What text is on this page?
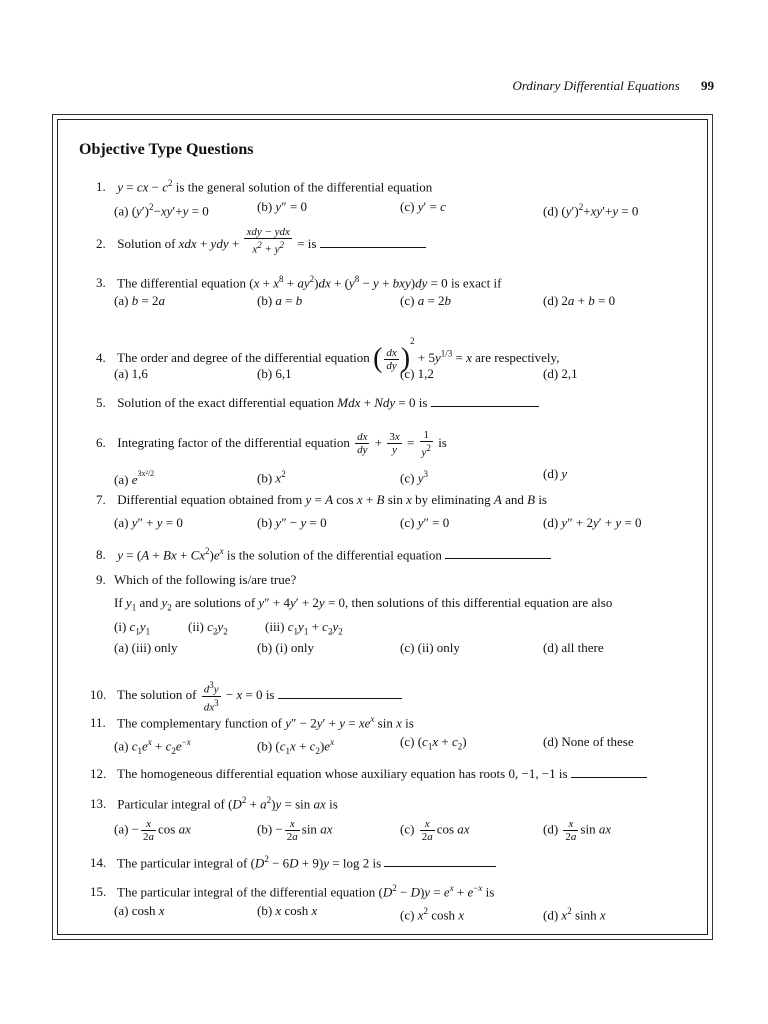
Ordinary Differential Equations 99
Objective Type Questions
1. y = cx − $c^2$ is the general solution of the differential equation
(a) $(y')^2-xy'+y = 0$	(b) y″ = 0	(c) y′ = c	(d) $(y')^2+xy'+y = 0$
2. Solution of xdx + ydy + $\frac{\text{xdy − ydx}}{x^2 + y^2}$ = is
3. The differential equation $(x + x^8 + ay^2)dx + (y^8 - y + bxy)dy = 0$ is exact if
(a) b = 2a	(b) a = b	(c) a = 2b	(d) 2a + b = 0
4. The order and degree of the differential equation ( $\frac{dx}{dy} )^2 + 5y^{1/3} = x$ are respectively,
(a) 1,6	(b) 6,1	(c) 1,2	(d) 2,1
5. Solution of the exact differential equation Mdx + Ndy = 0 is
6. Integrating factor of the differential equation $\frac{dx}{dy} + \frac{3x}{y} = \frac{1}{y^2}$ is
(a) $e^{3x^2/2}$	(b) $x^2$	(c) $y^3$	(d) y
7. Differential equation obtained from y = A cos x + B sin x by eliminating A and B is
(a) y″ + y = 0	(b) y″ − y = 0	(c) y″ = 0	(d) y″ + 2y′ + y = 0
8. $y = (A + Bx + Cx^2)e^x$ is the solution of the differential equation
9. Which of the following is/are true?
If $y_1$ and $y_2$ are solutions of y″ + 4y′ + 2y = 0, then solutions of this differential equation are also
(i) $c_1y_1$	(ii) $c_2y_2$	(iii) $c_1y_1 + c_2y_2$
(a) (iii) only	(b) (i) only	(c) (ii) only	(d) all there
10. The solution of $\frac{d^3y}{dx^3} - x = 0$ is
11. The complementary function of $y'' - 2y' + y = xe^x$ sin x is
(a) $c_1e^x + c_2e^{-x}$	(b) $(c_1x + c_2)e^x$	(c) $(c_1x + c_2)$	(d) None of these
12. The homogeneous differential equation whose auxiliary equation has roots 0, −1, −1 is
13. Particular integral of $(D^2 + a^2)y = \sin$ ax is
$(a) - \frac{x}{2a}$ cos ax	$(b) - \frac{x}{2a}$ sin ax	$(c) \frac{x}{2a}$ cos ax	$(d) \frac{x}{2a}$ sin ax
14. The particular integral of $(D^2 - 6D + 9)y = \log 2$ is
15. The particular integral of the differential equation $(D^2 - D)y = e^x + e^{-x}$ is
(a) cosh x	(b) x cosh x	(c) $x^2$ cosh x	(d) $x^2$ sinh x
